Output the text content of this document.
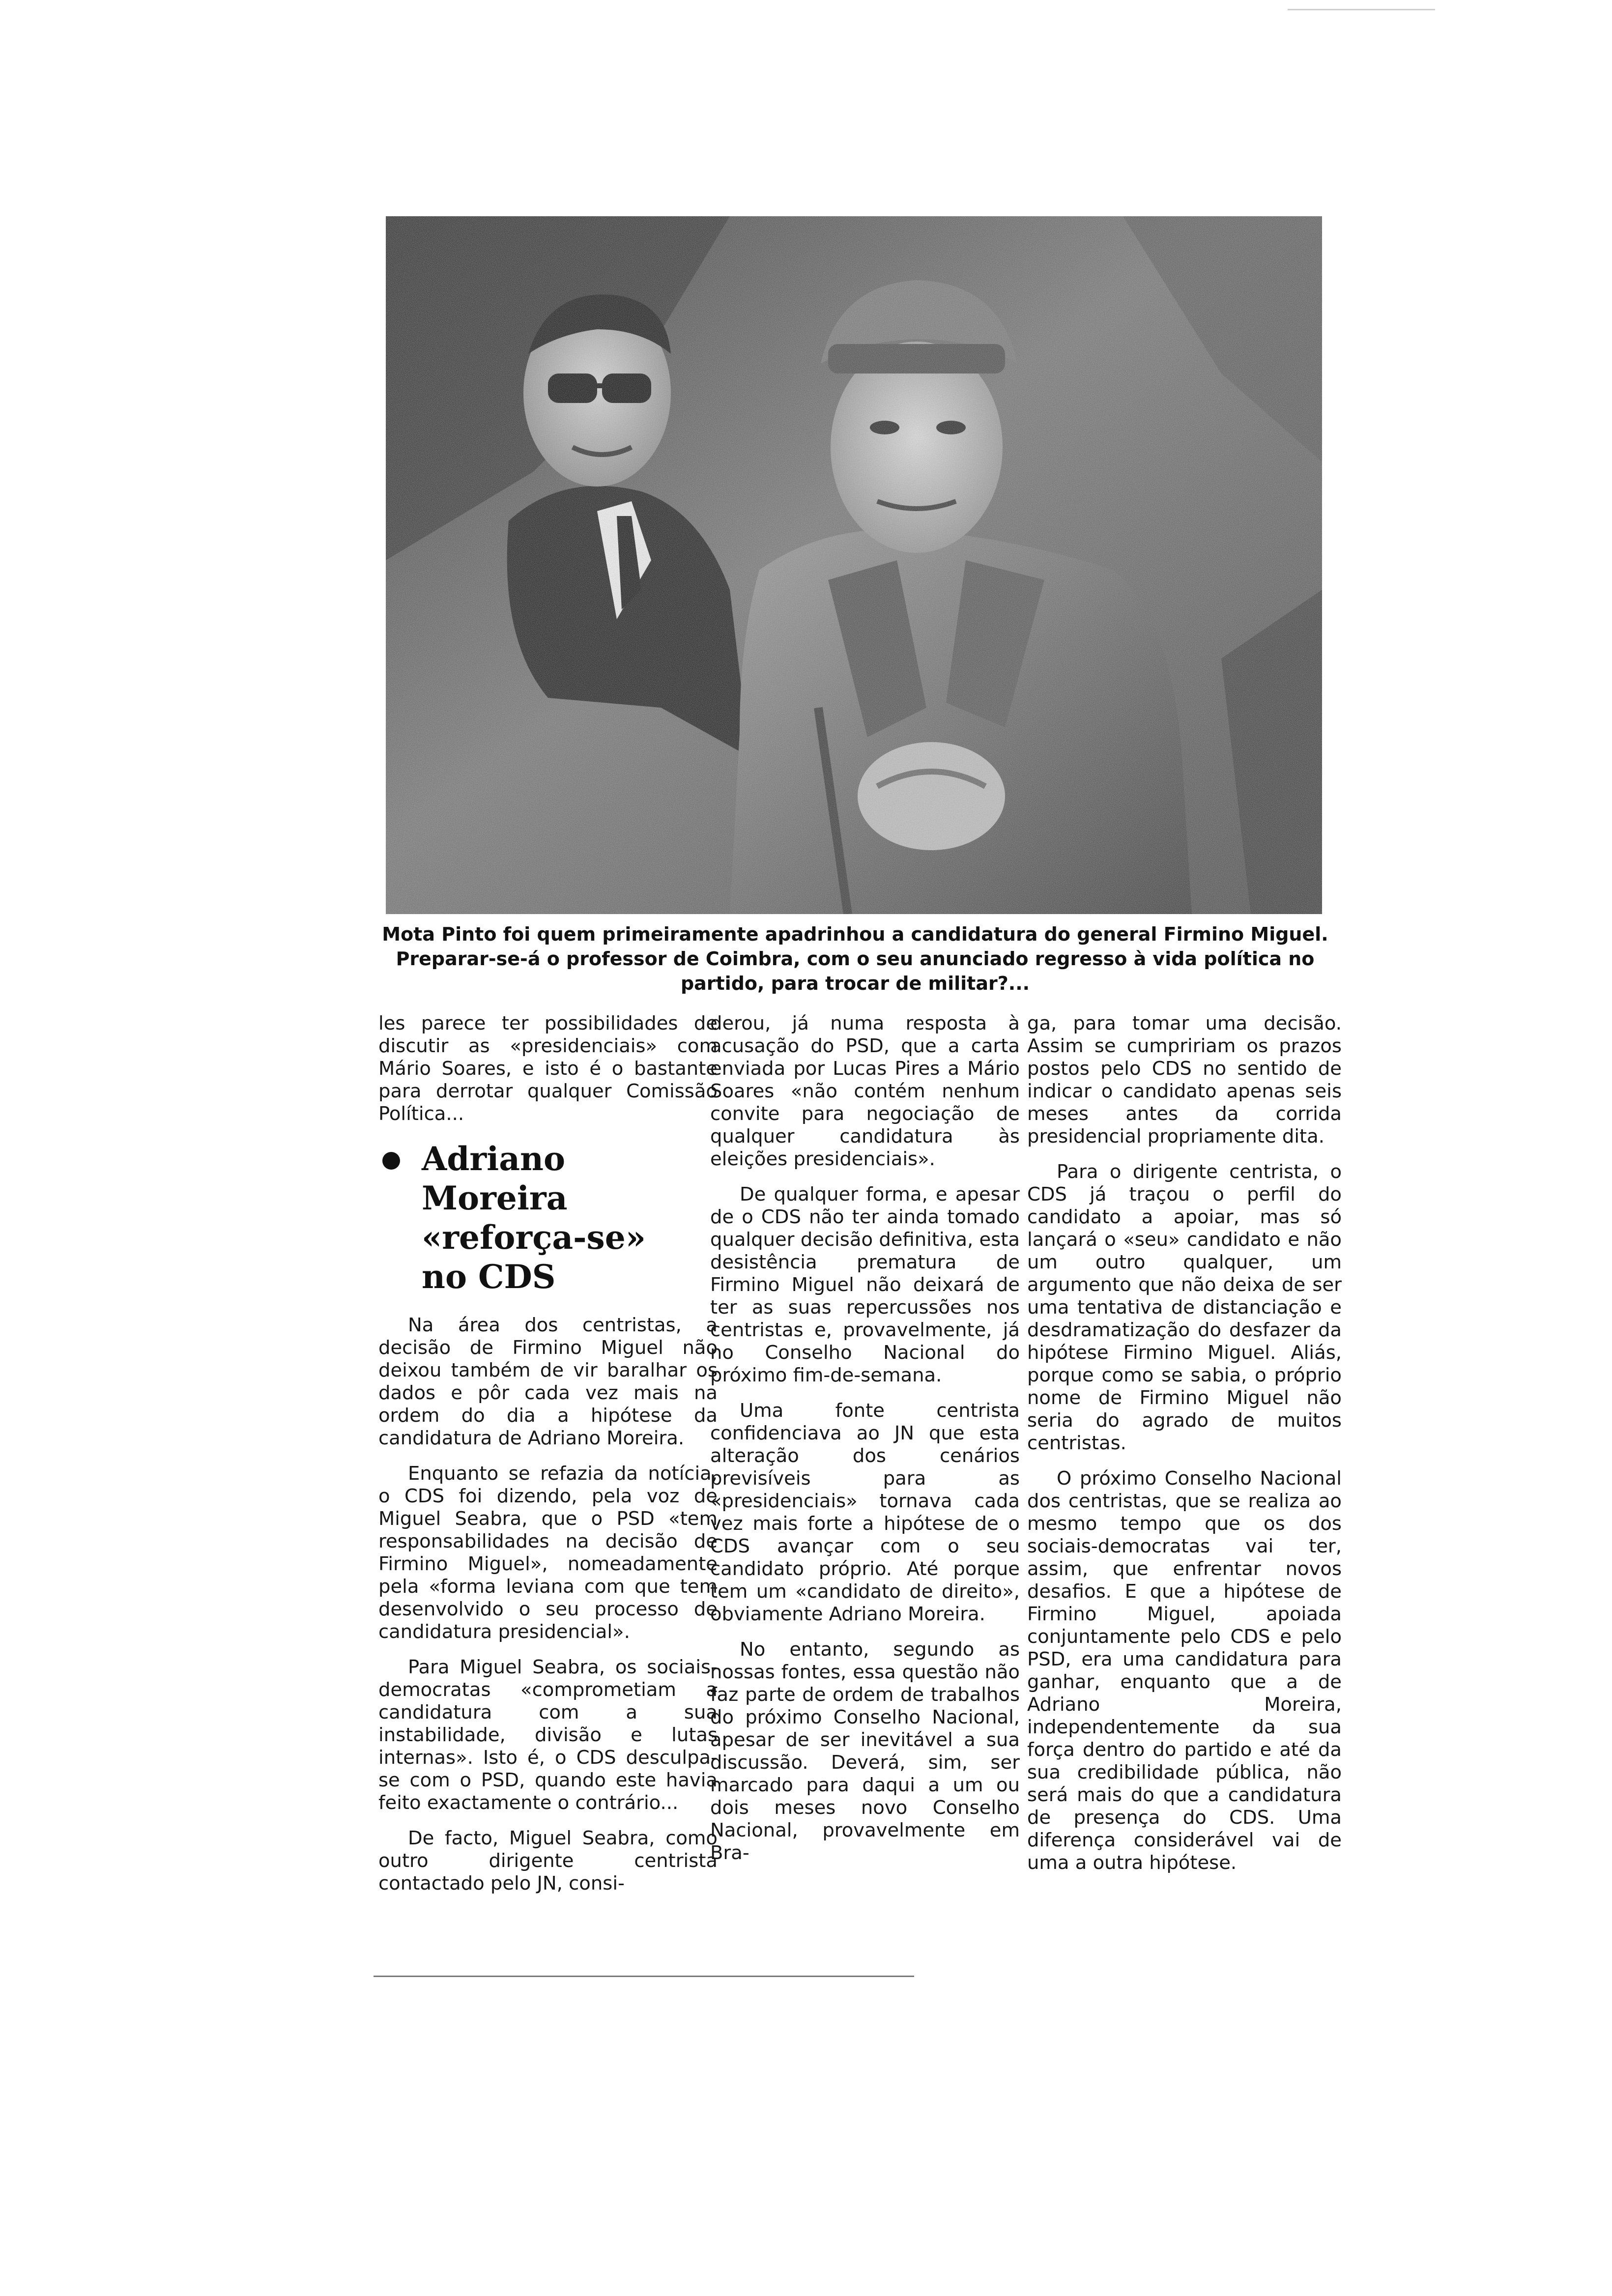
Mota Pinto foi quem primeiramente apadrinhou a candidatura do general Firmino Miguel.
Preparar-se-á o professor de Coimbra, com o seu anunciado regresso à vida política no
partido, para trocar de militar?...

les parece ter possibilidades de discutir as «presidenciais» com Mário Soares, e isto é o bastante para derrotar qualquer Comissão Política...

Adriano
Moreira
«reforça-se»
no CDS

Na área dos centristas, a decisão de Firmino Miguel não deixou também de vir baralhar os dados e pôr cada vez mais na ordem do dia a hipótese da candidatura de Adriano Moreira.

Enquanto se refazia da notícia, o CDS foi dizendo, pela voz de Miguel Seabra, que o PSD «tem responsabilidades na decisão de Firmino Miguel», nomeadamente pela «forma leviana com que tem desenvolvido o seu processo de candidatura presidencial».

Para Miguel Seabra, os sociais-democratas «comprometiam a candidatura com a sua instabilidade, divisão e lutas internas». Isto é, o CDS desculpa-se com o PSD, quando este havia feito exactamente o contrário...

De facto, Miguel Seabra, como outro dirigente centrista contactado pelo JN, consi-

derou, já numa resposta à acusação do PSD, que a carta enviada por Lucas Pires a Mário Soares «não contém nenhum convite para negociação de qualquer candidatura às eleições presidenciais».

De qualquer forma, e apesar de o CDS não ter ainda tomado qualquer decisão definitiva, esta desistência prematura de Firmino Miguel não deixará de ter as suas repercussões nos centristas e, provavelmente, já no Conselho Nacional do próximo fim-de-semana.

Uma fonte centrista confidenciava ao JN que esta alteração dos cenários previsíveis para as «presidenciais» tornava cada vez mais forte a hipótese de o CDS avançar com o seu candidato próprio. Até porque tem um «candidato de direito», obviamente Adriano Moreira.

No entanto, segundo as nossas fontes, essa questão não faz parte de ordem de trabalhos do próximo Conselho Nacional, apesar de ser inevitável a sua discussão. Deverá, sim, ser marcado para daqui a um ou dois meses novo Conselho Nacional, provavelmente em Bra-

ga, para tomar uma decisão. Assim se cumpririam os prazos postos pelo CDS no sentido de indicar o candidato apenas seis meses antes da corrida presidencial propriamente dita.

Para o dirigente centrista, o CDS já traçou o perfil do candidato a apoiar, mas só lançará o «seu» candidato e não um outro qualquer, um argumento que não deixa de ser uma tentativa de distanciação e desdramatização do desfazer da hipótese Firmino Miguel. Aliás, porque como se sabia, o próprio nome de Firmino Miguel não seria do agrado de muitos centristas.

O próximo Conselho Nacional dos centristas, que se realiza ao mesmo tempo que os dos sociais-democratas vai ter, assim, que enfrentar novos desafios. E que a hipótese de Firmino Miguel, apoiada conjuntamente pelo CDS e pelo PSD, era uma candidatura para ganhar, enquanto que a de Adriano Moreira, independentemente da sua força dentro do partido e até da sua credibilidade pública, não será mais do que a candidatura de presença do CDS. Uma diferença considerável vai de uma a outra hipótese.
